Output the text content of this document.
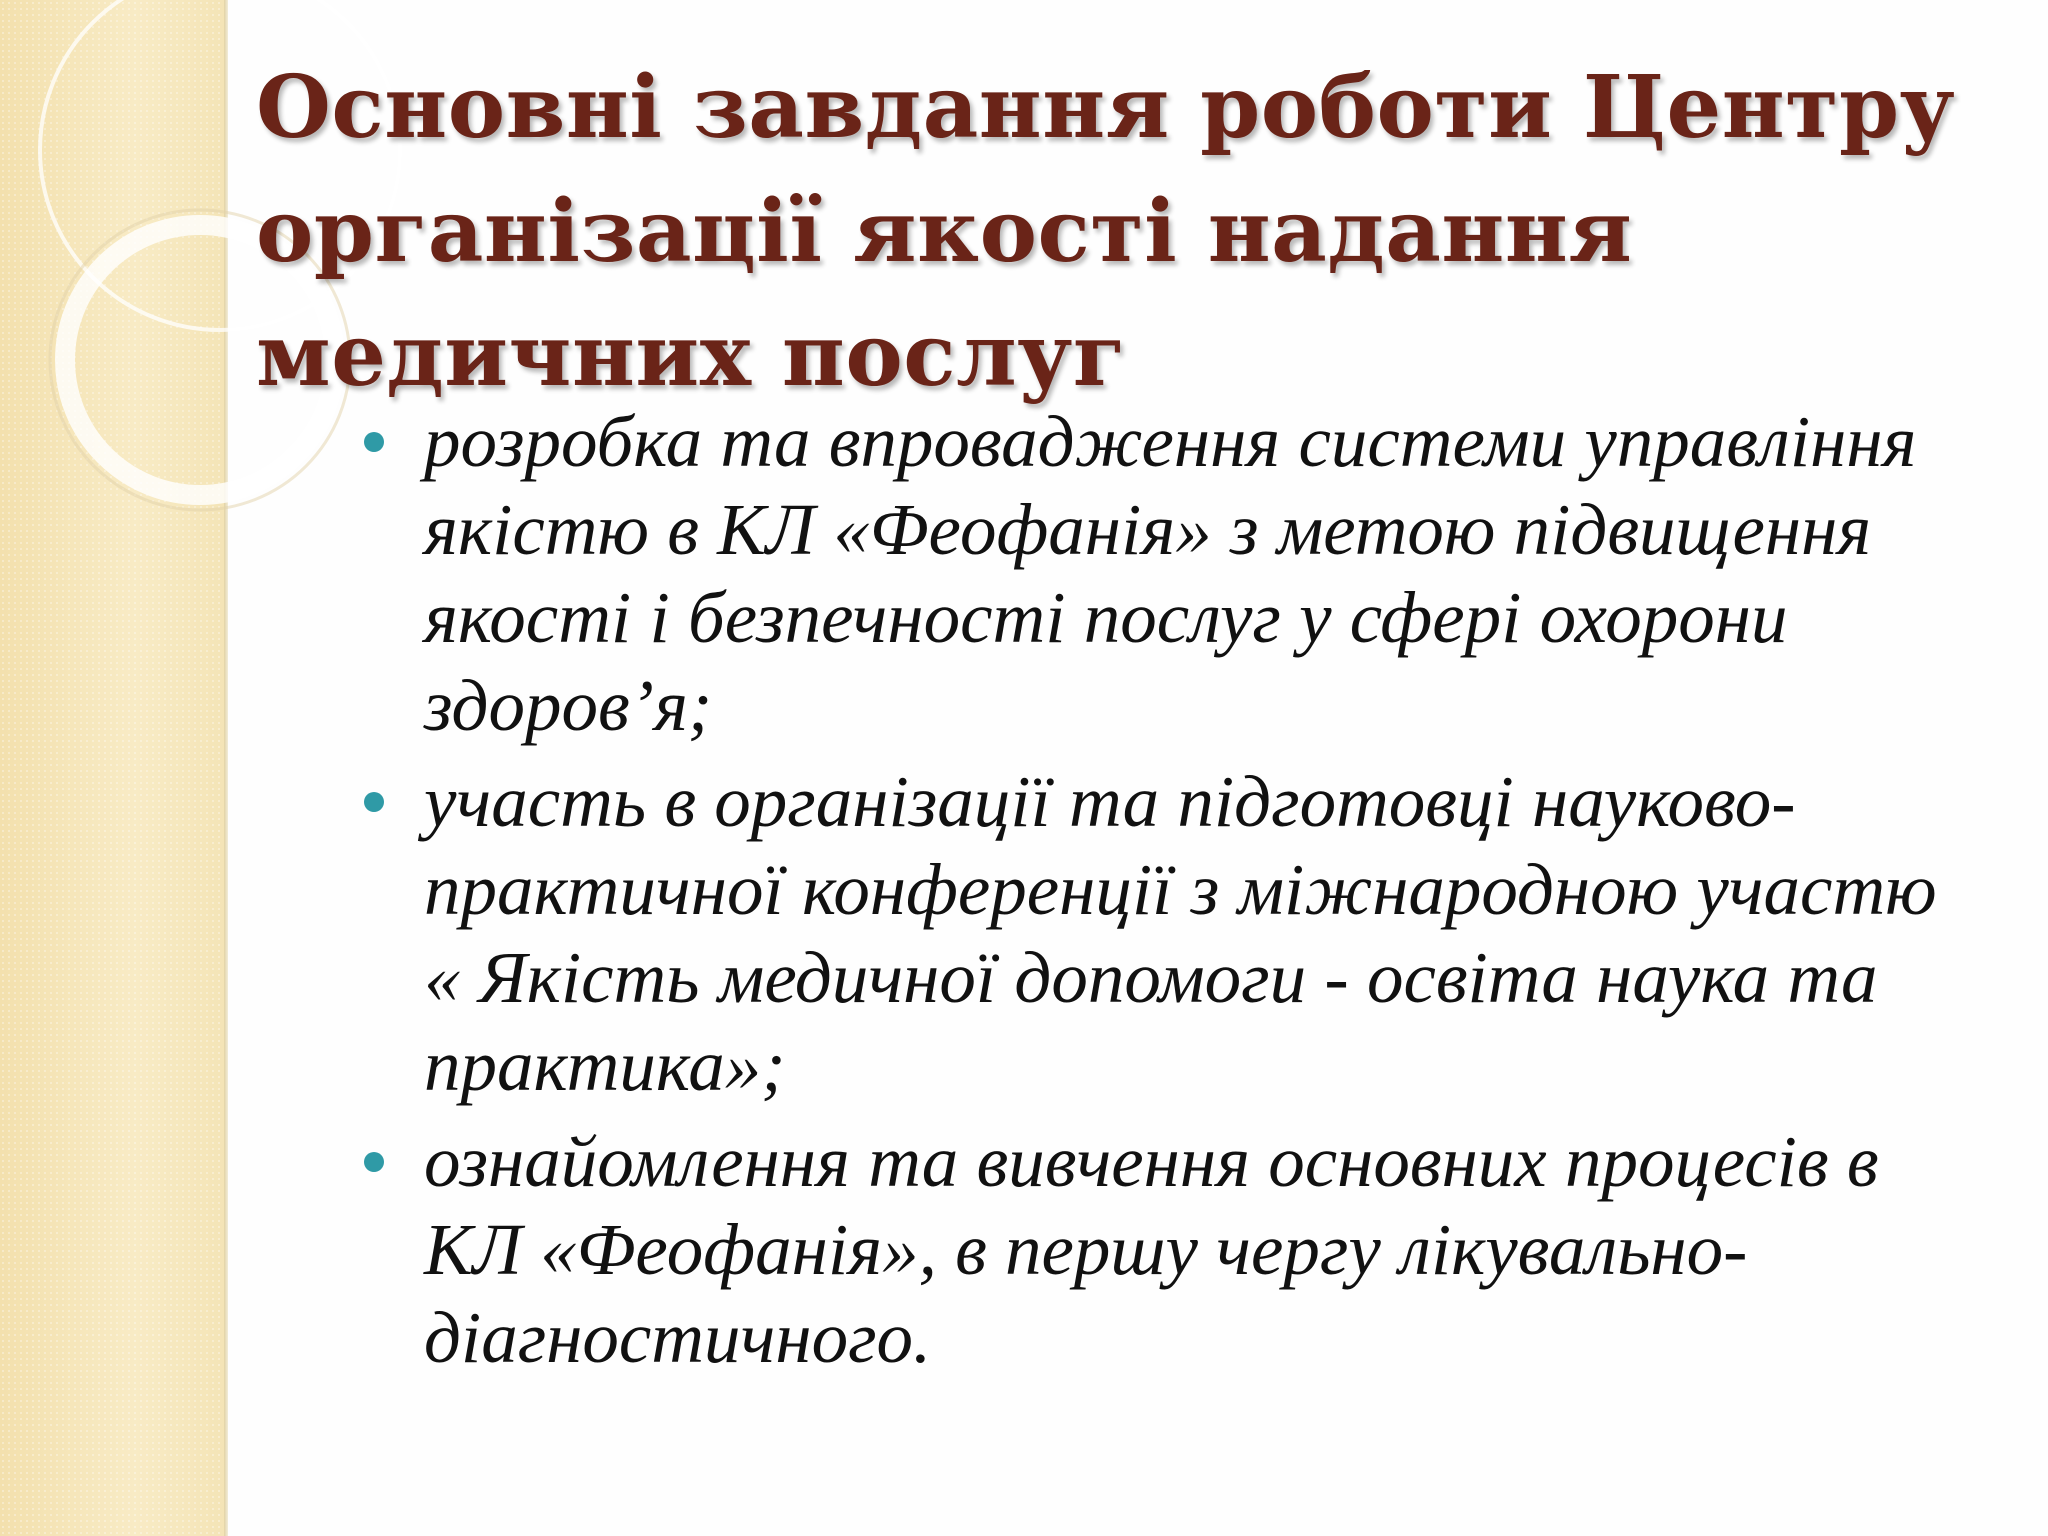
Основні завдання роботи Центру
організації якості надання
медичних послуг
розробка та впровадження системи управління якістю в КЛ «Феофанія» з метою підвищення якості і безпечності послуг у сфері охорони здоров’я;
участь в організації та підготовці науково-практичної конференції з міжнародною участю « Якість медичної допомоги - освіта наука та практика»;
ознайомлення та вивчення основних процесів в КЛ «Феофанія», в першу чергу лікувально-діагностичного.
